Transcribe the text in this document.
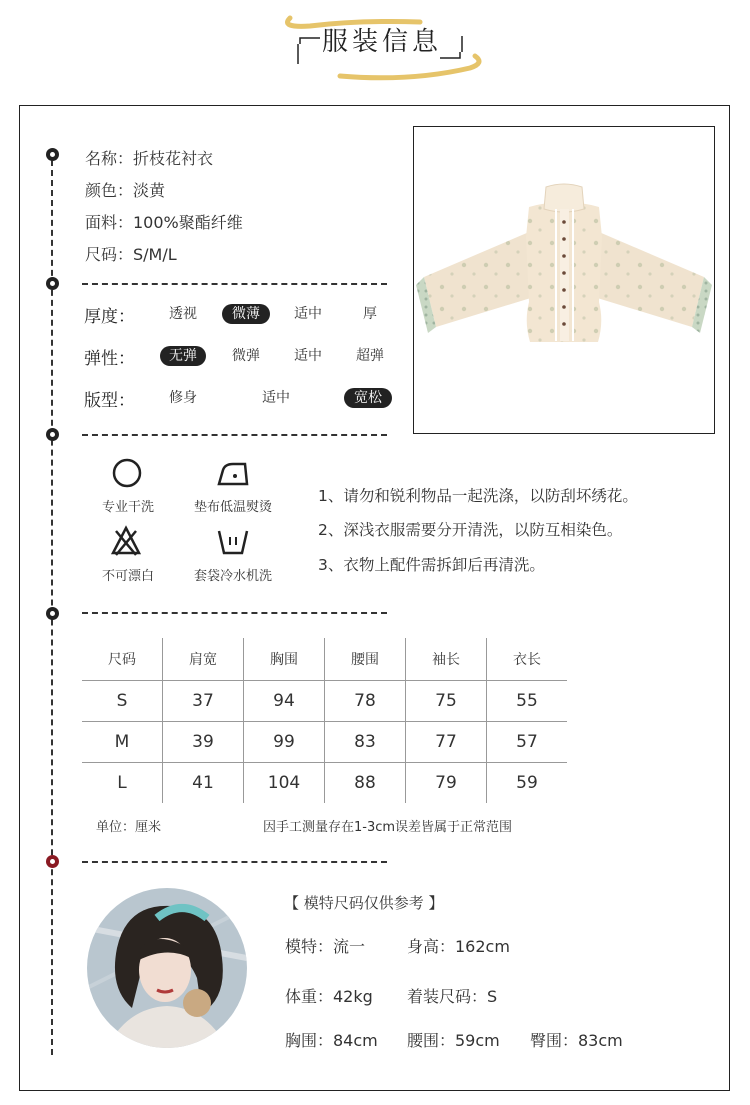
服装信息
名称：折枝花衬衣
颜色：淡黄
面料：100%聚酯纤维
尺码：S/M/L
厚度：	透视	微薄	适中	厚
弹性：	无弹	微弹	适中	超弹
版型：	修身	适中	宽松
专业干洗	垫布低温熨烫
不可漂白	套袋冷水机洗
1、请勿和锐利物品一起洗涤，以防刮坏绣花。
2、深浅衣服需要分开清洗，以防互相染色。
3、衣物上配件需拆卸后再清洗。
尺码	肩宽	胸围	腰围	袖长	衣长
S	37	94	78	75	55
M	39	99	83	77	57
L	41	104	88	79	59
单位：厘米	因手工测量存在1-3cm误差皆属于正常范围
【 模特尺码仅供参考 】
模特：流一	身高：162cm
体重：42kg 着装尺码：S
胸围：84cm 腰围：59cm 臀围：83cm
